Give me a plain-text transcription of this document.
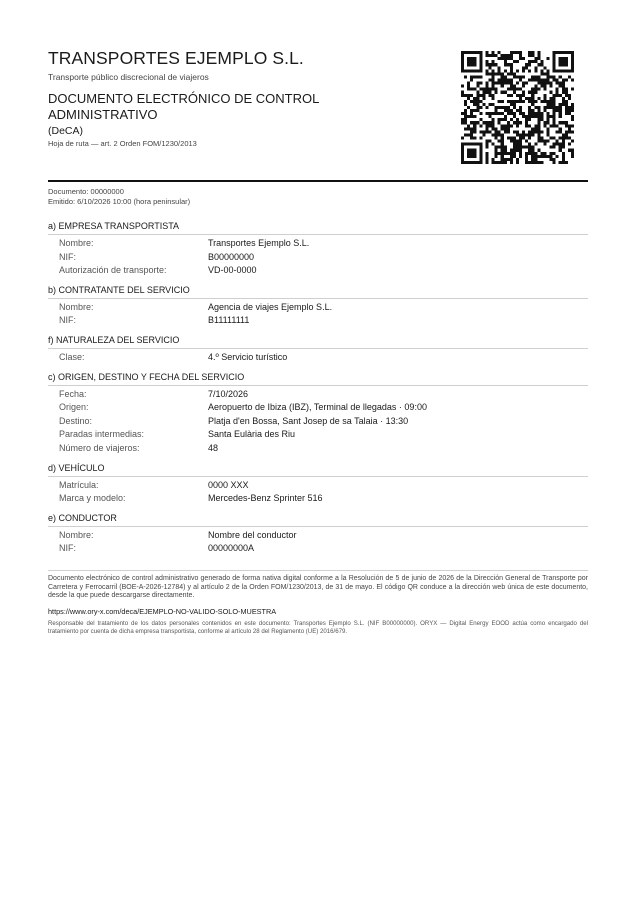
TRANSPORTES EJEMPLO S.L.
Transporte público discrecional de viajeros
DOCUMENTO ELECTRÓNICO DE CONTROL ADMINISTRATIVO
(DeCA)
Hoja de ruta — art. 2 Orden FOM/1230/2013
Documento: 00000000
Emitido: 6/10/2026 10:00 (hora peninsular)
a) EMPRESA TRANSPORTISTA
Nombre:	Transportes Ejemplo S.L.
NIF:	B00000000
Autorización de transporte:	VD-00-0000
b) CONTRATANTE DEL SERVICIO
Nombre:	Agencia de viajes Ejemplo S.L.
NIF:	B11111111
f) NATURALEZA DEL SERVICIO
Clase:	4.º Servicio turístico
c) ORIGEN, DESTINO Y FECHA DEL SERVICIO
Fecha:	7/10/2026
Origen:	Aeropuerto de Ibiza (IBZ), Terminal de llegadas · 09:00
Destino:	Platja d'en Bossa, Sant Josep de sa Talaia · 13:30
Paradas intermedias:	Santa Eulària des Riu
Número de viajeros:	48
d) VEHÍCULO
Matrícula:	0000 XXX
Marca y modelo:	Mercedes-Benz Sprinter 516
e) CONDUCTOR
Nombre:	Nombre del conductor
NIF:	00000000A
Documento electrónico de control administrativo generado de forma nativa digital conforme a la Resolución de 5 de junio de 2026 de la Dirección General de Transporte por Carretera y Ferrocarril (BOE-A-2026-12784) y al artículo 2 de la Orden FOM/1230/2013, de 31 de mayo. El código QR conduce a la dirección web única de este documento, desde la que puede descargarse directamente.
https://www.ory-x.com/deca/EJEMPLO-NO-VALIDO-SOLO-MUESTRA
Responsable del tratamiento de los datos personales contenidos en este documento: Transportes Ejemplo S.L. (NIF B00000000). ORYX — Digital Energy EOOD actúa como encargado del tratamiento por cuenta de dicha empresa transportista, conforme al artículo 28 del Reglamento (UE) 2016/679.
